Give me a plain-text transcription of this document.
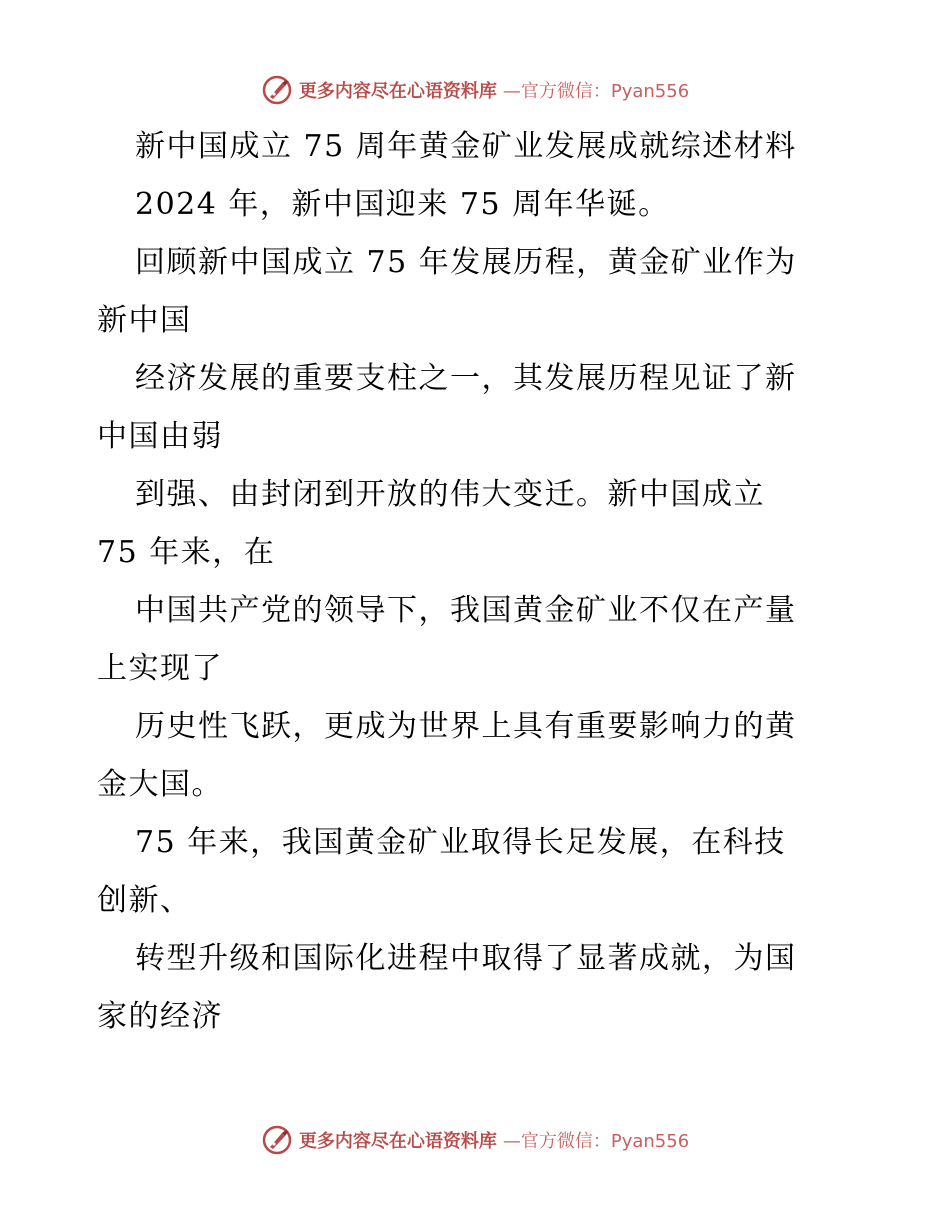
更多内容尽在心语资料库 —官方微信：Pyan556
新中国成立 75 周年黄金矿业发展成就综述材料
2024 年，新中国迎来 75 周年华诞。
回顾新中国成立 75 年发展历程，黄金矿业作为
新中国
经济发展的重要支柱之一，其发展历程见证了新
中国由弱
到强、由封闭到开放的伟大变迁。新中国成立
75 年来，在
中国共产党的领导下，我国黄金矿业不仅在产量
上实现了
历史性飞跃，更成为世界上具有重要影响力的黄
金大国。
75 年来，我国黄金矿业取得长足发展，在科技
创新、
转型升级和国际化进程中取得了显著成就，为国
家的经济
更多内容尽在心语资料库 —官方微信：Pyan556
